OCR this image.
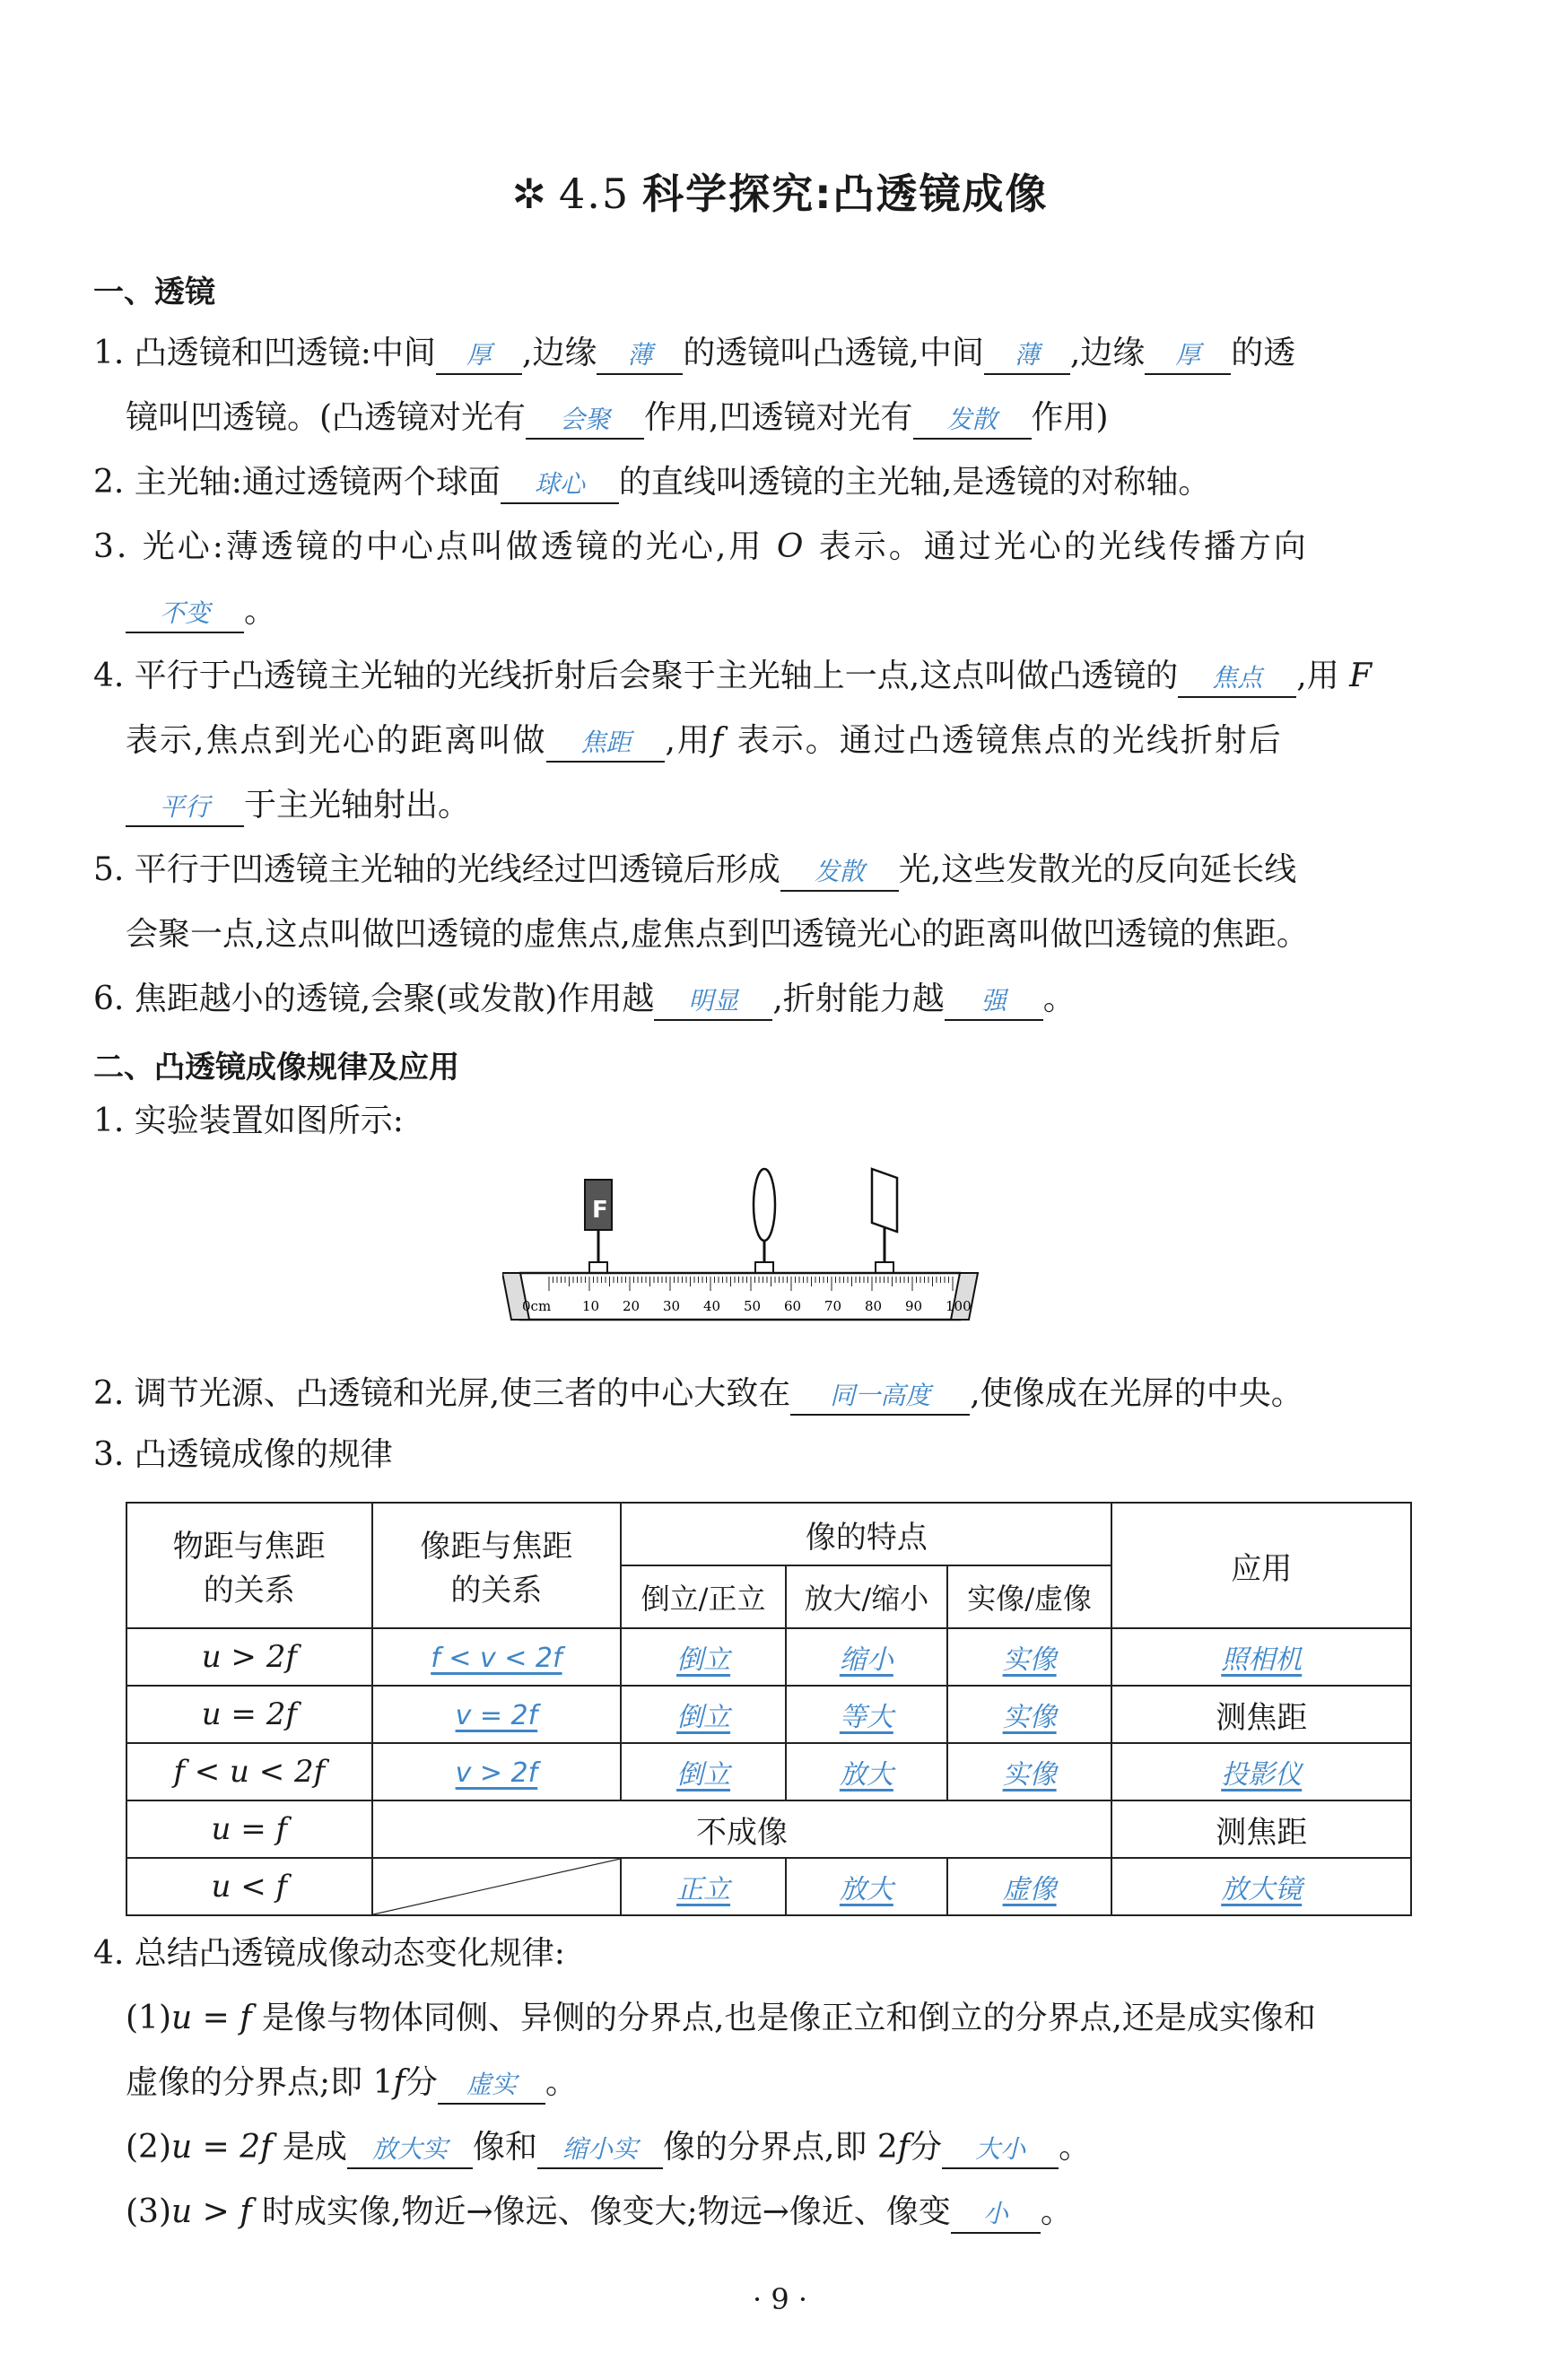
✲ 4.5 科学探究:凸透镜成像
一、透镜
1. 凸透镜和凹透镜:中间 厚 ,边缘 薄 的透镜叫凸透镜,中间 薄 ,边缘 厚 的透
镜叫凹透镜。(凸透镜对光有 会聚 作用,凹透镜对光有 发散 作用)
2. 主光轴:通过透镜两个球面 球心 的直线叫透镜的主光轴,是透镜的对称轴。
3. 光心:薄透镜的中心点叫做透镜的光心,用 O 表示。通过光心的光线传播方向
不变 。
4. 平行于凸透镜主光轴的光线折射后会聚于主光轴上一点,这点叫做凸透镜的 焦点 ,用 F
表示,焦点到光心的距离叫做 焦距 ,用f 表示。通过凸透镜焦点的光线折射后
平行 于主光轴射出。
5. 平行于凹透镜主光轴的光线经过凹透镜后形成 发散 光,这些发散光的反向延长线
会聚一点,这点叫做凹透镜的虚焦点,虚焦点到凹透镜光心的距离叫做凹透镜的焦距。
6. 焦距越小的透镜,会聚(或发散)作用越 明显 ,折射能力越 强 。
二、凸透镜成像规律及应用
1. 实验装置如图所示:
F
0cm 10 20 30 40 50 60 70 80 90 100
2. 调节光源、凸透镜和光屏,使三者的中心大致在 同一高度 ,使像成在光屏的中央。
3. 凸透镜成像的规律
物距与焦距
的关系	像距与焦距
的关系	像的特点			应用
		倒立/正立	放大/缩小	实像/虚像	
u > 2f	f < v < 2f	倒立	缩小	实像	照相机
u = 2f	v = 2f	倒立	等大	实像	测焦距
f < u < 2f	v > 2f	倒立	放大	实像	投影仪
u = f	不成像				测焦距
u < f		正立	放大	虚像	放大镜
4. 总结凸透镜成像动态变化规律:
(1)u = f 是像与物体同侧、异侧的分界点,也是像正立和倒立的分界点,还是成实像和
虚像的分界点;即 1f分 虚实 。
(2)u = 2f 是成 放大实 像和 缩小实 像的分界点,即 2f分 大小 。
(3)u > f 时成实像,物近→像远、像变大;物远→像近、像变 小 。
· 9 ·
